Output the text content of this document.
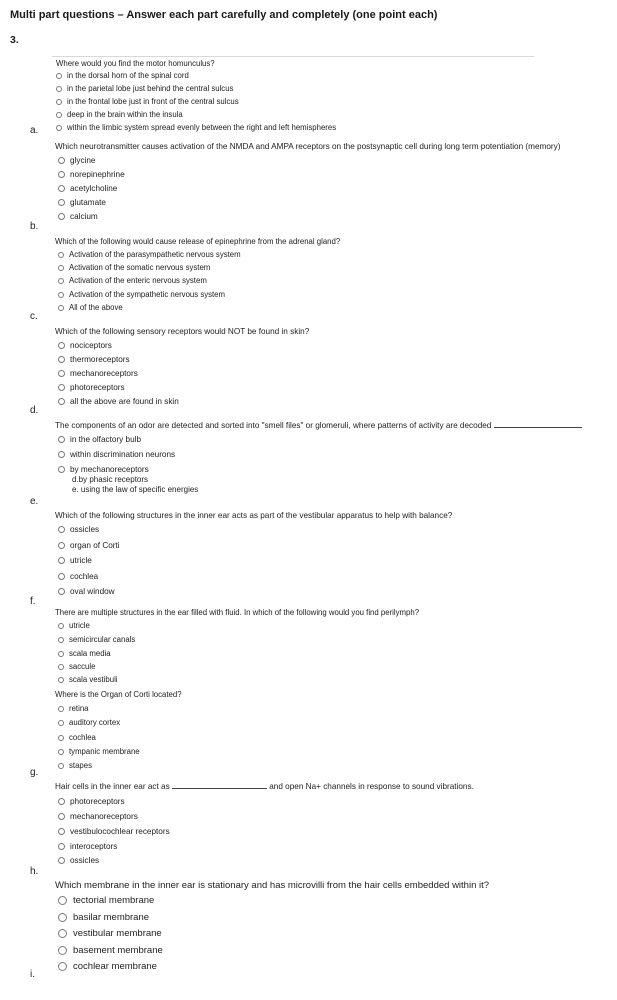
Multi part questions – Answer each part carefully and completely (one point each)
3.
Where would you find the motor homunculus?
in the dorsal horn of the spinal cord
in the parietal lobe just behind the central sulcus
in the frontal lobe just in front of the central sulcus
deep in the brain within the insula
within the limbic system spread evenly between the right and left hemispheres
a.
Which neurotransmitter causes activation of the NMDA and AMPA receptors on the postsynaptic cell during long term potentiation (memory)
glycine
norepinephrine
acetylcholine
glutamate
calcium
b.
Which of the following would cause release of epinephrine from the adrenal gland?
Activation of the parasympathetic nervous system
Activation of the somatic nervous system
Activation of the enteric nervous system
Activation of the sympathetic nervous system
All of the above
c.
Which of the following sensory receptors would NOT be found in skin?
nociceptors
thermoreceptors
mechanoreceptors
photoreceptors
all the above are found in skin
d.
The components of an odor are detected and sorted into "smell files" or glomeruli, where patterns of activity are decoded
in the olfactory bulb
within discrimination neurons
by mechanoreceptors
d.by phasic receptors
e. using the law of specific energies
e.
Which of the following structures in the inner ear acts as part of the vestibular apparatus to help with balance?
ossicles
organ of Corti
utricle
cochlea
oval window
f.
There are multiple structures in the ear filled with fluid. In which of the following would you find perilymph?
utricle
semicircular canals
scala media
saccule
scala vestibuli
Where is the Organ of Corti located?
retina
auditory cortex
cochlea
tympanic membrane
stapes
g.
Hair cells in the inner ear act as	and open Na+ channels in response to sound vibrations.
photoreceptors
mechanoreceptors
vestibulocochlear receptors
interoceptors
ossicles
h.
Which membrane in the inner ear is stationary and has microvilli from the hair cells embedded within it?
tectorial membrane
basilar membrane
vestibular membrane
basement membrane
cochlear membrane
i.
